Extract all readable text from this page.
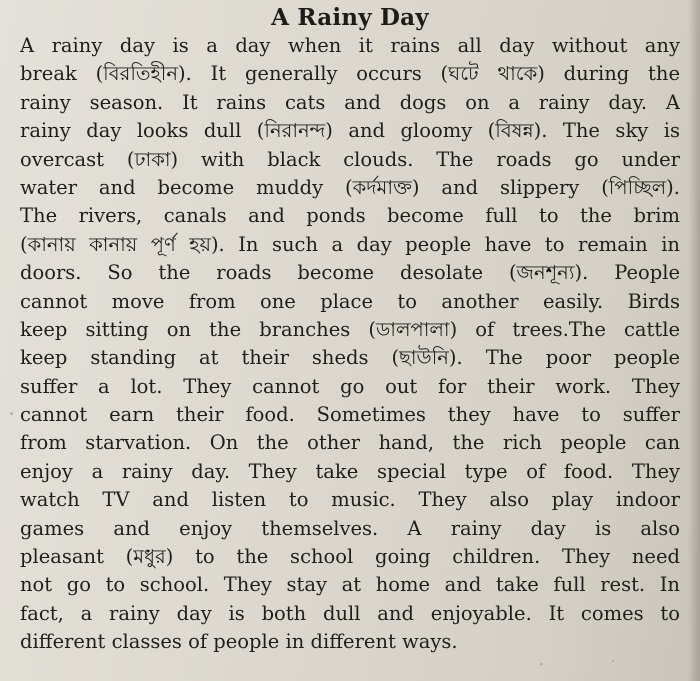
A Rainy Day
A rainy day is a day when it rains all day without any
break (বিরতিহীন). It generally occurs (ঘটে থাকে) during the
rainy season. It rains cats and dogs on a rainy day. A
rainy day looks dull (নিরানন্দ) and gloomy (বিষন্ন). The sky is
overcast (ঢাকা) with black clouds. The roads go under
water and become muddy (কর্দমাক্ত) and slippery (পিচ্ছিল).
The rivers, canals and ponds become full to the brim
(কানায় কানায় পূর্ণ হয়). In such a day people have to remain in
doors. So the roads become desolate (জনশূন্য). People
cannot move from one place to another easily. Birds
keep sitting on the branches (ডালপালা) of trees.The cattle
keep standing at their sheds (ছাউনি). The poor people
suffer a lot. They cannot go out for their work. They
cannot earn their food. Sometimes they have to suffer
from starvation. On the other hand, the rich people can
enjoy a rainy day. They take special type of food. They
watch TV and listen to music. They also play indoor
games and enjoy themselves. A rainy day is also
pleasant (মধুর) to the school going children. They need
not go to school. They stay at home and take full rest. In
fact, a rainy day is both dull and enjoyable. It comes to
different classes of people in different ways.
